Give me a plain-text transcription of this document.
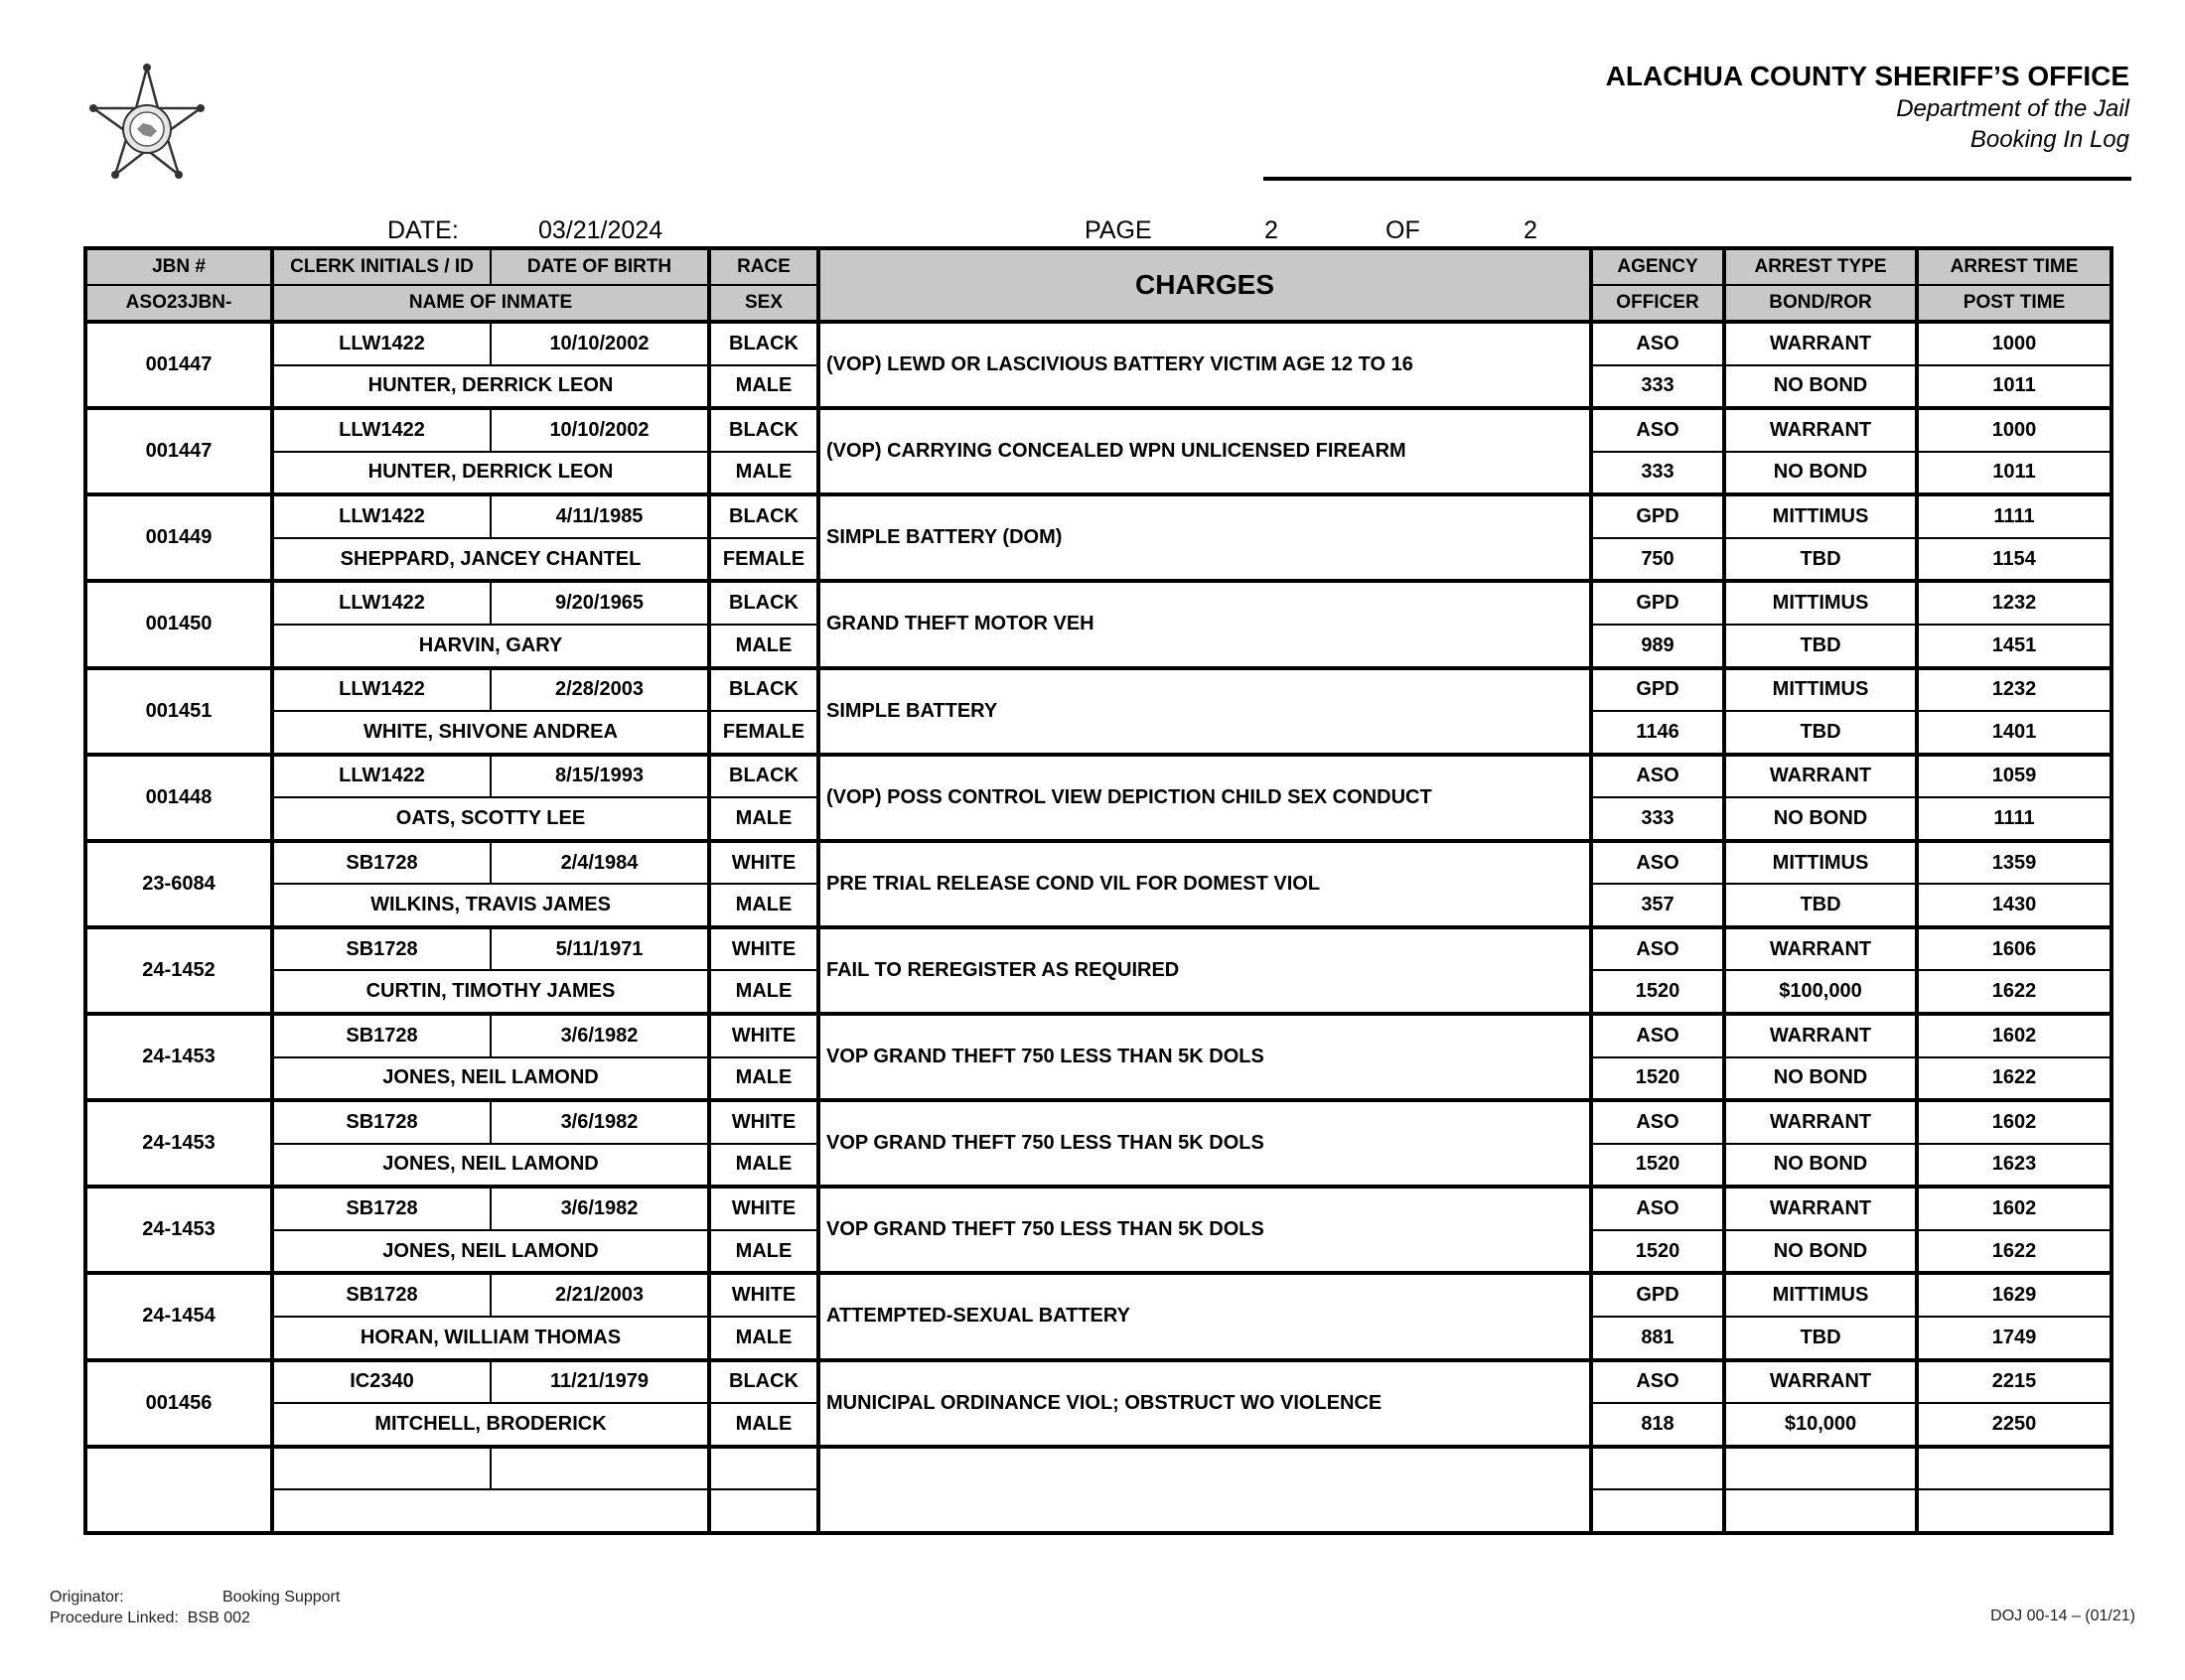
ALACHUA COUNTY SHERIFF’S OFFICE
Department of the Jail
Booking In Log
DATE:	03/21/2024	PAGE	2	OF	2
JBN #	CLERK INITIALS / ID	DATE OF BIRTH	RACE	CHARGES	AGENCY	ARREST TYPE	ARREST TIME
ASO23JBN-	NAME OF INMATE		SEX		OFFICER	BOND/ROR	POST TIME
001447	LLW1422	10/10/2002	BLACK	(VOP) LEWD OR LASCIVIOUS BATTERY VICTIM AGE 12 TO 16	ASO	WARRANT	1000
	HUNTER, DERRICK LEON		MALE		333	NO BOND	1011
001447	LLW1422	10/10/2002	BLACK	(VOP) CARRYING CONCEALED WPN UNLICENSED FIREARM	ASO	WARRANT	1000
	HUNTER, DERRICK LEON		MALE		333	NO BOND	1011
001449	LLW1422	4/11/1985	BLACK	SIMPLE BATTERY (DOM)	GPD	MITTIMUS	1111
	SHEPPARD, JANCEY CHANTEL		FEMALE		750	TBD	1154
001450	LLW1422	9/20/1965	BLACK	GRAND THEFT MOTOR VEH	GPD	MITTIMUS	1232
	HARVIN, GARY		MALE		989	TBD	1451
001451	LLW1422	2/28/2003	BLACK	SIMPLE BATTERY	GPD	MITTIMUS	1232
	WHITE, SHIVONE ANDREA		FEMALE		1146	TBD	1401
001448	LLW1422	8/15/1993	BLACK	(VOP) POSS CONTROL VIEW DEPICTION CHILD SEX CONDUCT	ASO	WARRANT	1059
	OATS, SCOTTY LEE		MALE		333	NO BOND	1111
23-6084	SB1728	2/4/1984	WHITE	PRE TRIAL RELEASE COND VIL FOR DOMEST VIOL	ASO	MITTIMUS	1359
	WILKINS, TRAVIS JAMES		MALE		357	TBD	1430
24-1452	SB1728	5/11/1971	WHITE	FAIL TO REREGISTER AS REQUIRED	ASO	WARRANT	1606
	CURTIN, TIMOTHY JAMES		MALE		1520	$100,000	1622
24-1453	SB1728	3/6/1982	WHITE	VOP GRAND THEFT 750 LESS THAN 5K DOLS	ASO	WARRANT	1602
	JONES, NEIL LAMOND		MALE		1520	NO BOND	1622
24-1453	SB1728	3/6/1982	WHITE	VOP GRAND THEFT 750 LESS THAN 5K DOLS	ASO	WARRANT	1602
	JONES, NEIL LAMOND		MALE		1520	NO BOND	1623
24-1453	SB1728	3/6/1982	WHITE	VOP GRAND THEFT 750 LESS THAN 5K DOLS	ASO	WARRANT	1602
	JONES, NEIL LAMOND		MALE		1520	NO BOND	1622
24-1454	SB1728	2/21/2003	WHITE	ATTEMPTED-SEXUAL BATTERY	GPD	MITTIMUS	1629
	HORAN, WILLIAM THOMAS		MALE		881	TBD	1749
001456	IC2340	11/21/1979	BLACK	MUNICIPAL ORDINANCE VIOL; OBSTRUCT WO VIOLENCE	ASO	WARRANT	2215
	MITCHELL, BRODERICK		MALE		818	$10,000	2250

Originator:	Booking Support
Procedure Linked: BSB 002	DOJ 00-14 – (01/21)
